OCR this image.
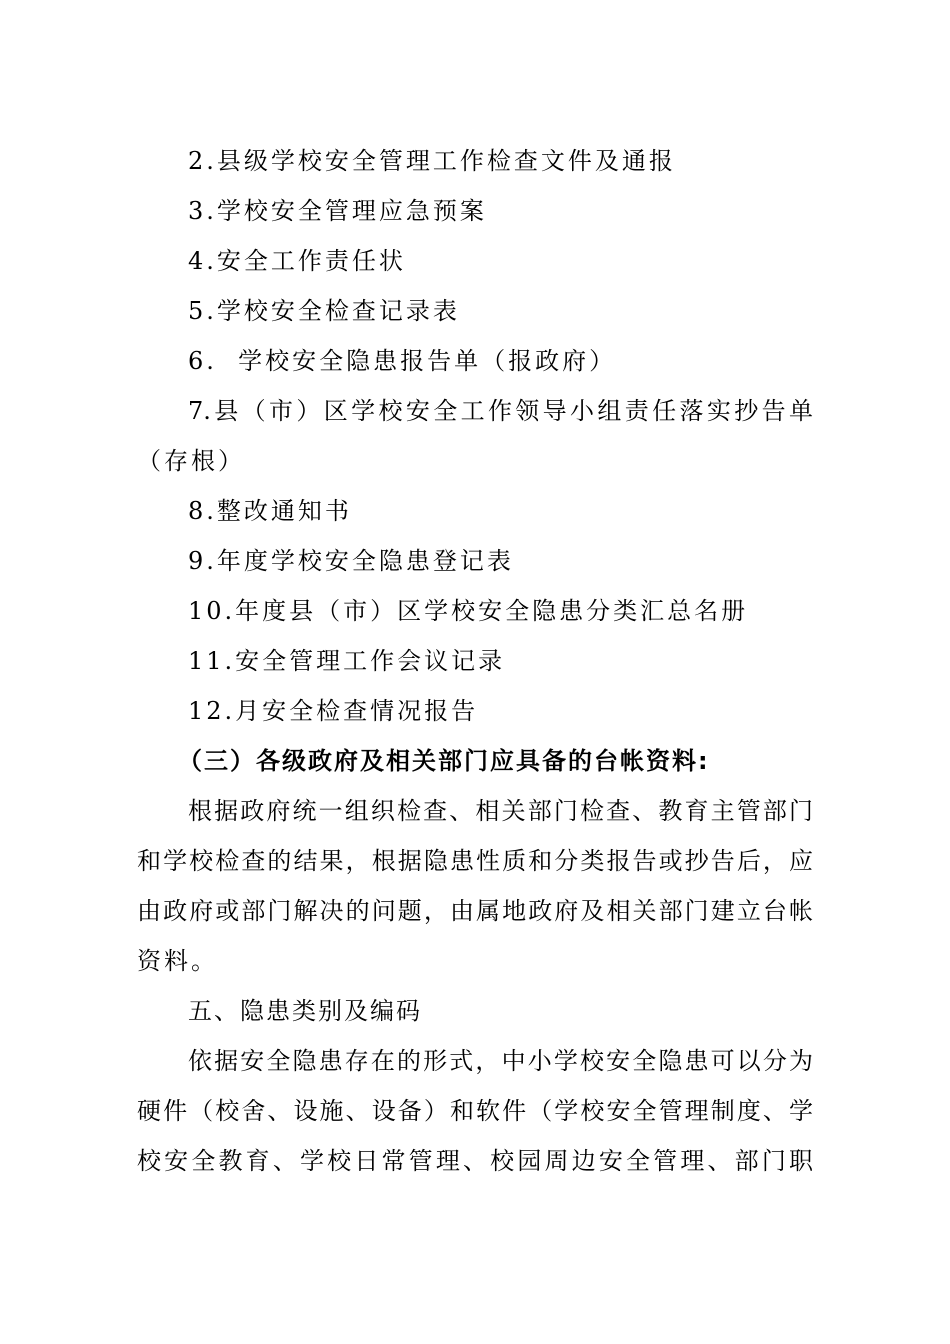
2.县级学校安全管理工作检查文件及通报
3.学校安全管理应急预案
4.安全工作责任状
5.学校安全检查记录表
6.  学校安全隐患报告单（报政府）
7.县（市）区学校安全工作领导小组责任落实抄告单
（存根）
8.整改通知书
9.年度学校安全隐患登记表
10.年度县（市）区学校安全隐患分类汇总名册
11.安全管理工作会议记录
12.月安全检查情况报告
（三）各级政府及相关部门应具备的台帐资料:
根据政府统一组织检查、相关部门检查、教育主管部门
和学校检查的结果，根据隐患性质和分类报告或抄告后，应
由政府或部门解决的问题，由属地政府及相关部门建立台帐
资料。
五、隐患类别及编码
依据安全隐患存在的形式，中小学校安全隐患可以分为
硬件（校舍、设施、设备）和软件（学校安全管理制度、学
校安全教育、学校日常管理、校园周边安全管理、部门职
